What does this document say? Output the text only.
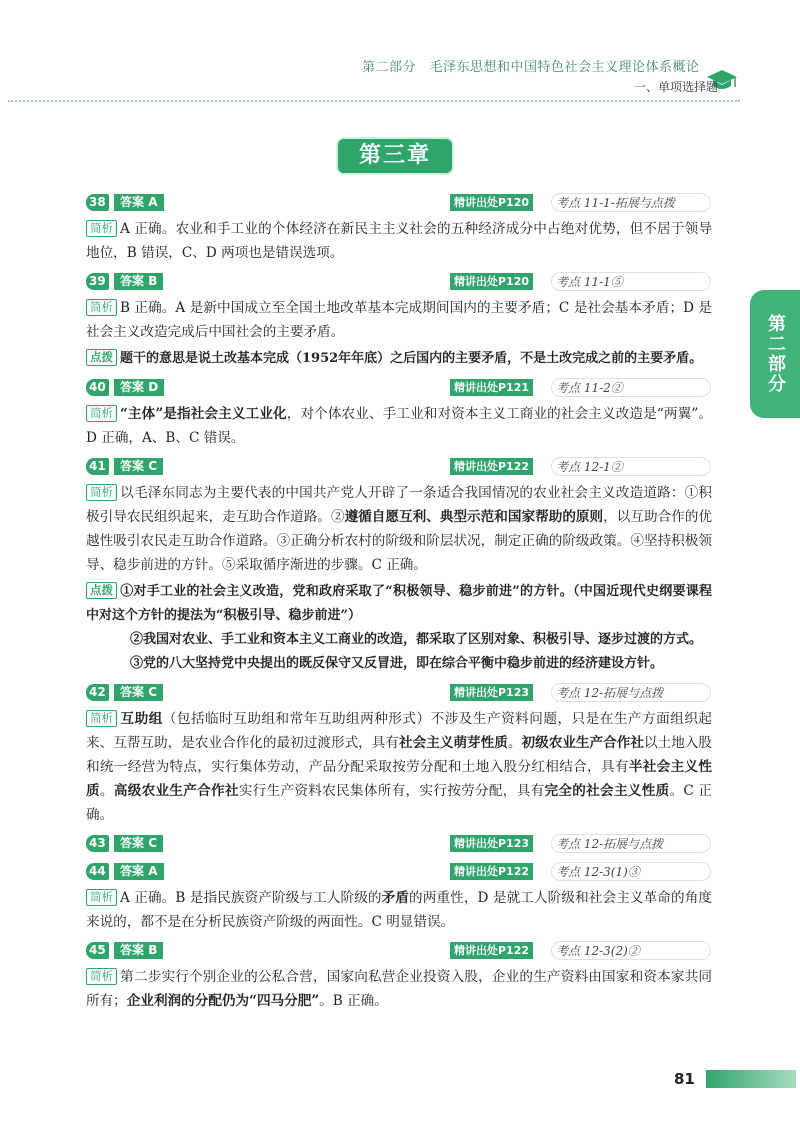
第二部分　毛泽东思想和中国特色社会主义理论体系概论
一、单项选择题
第三章
第二部分
38	答案 A	精讲出处P120	考点 11-1-拓展与点拨
简析 A 正确。农业和手工业的个体经济在新民主主义社会的五种经济成分中占绝对优势，但不居于领导地位，B 错误，C、D 两项也是错误选项。
39	答案 B	精讲出处P120	考点 11-1⑤
简析 B 正确。A 是新中国成立至全国土地改革基本完成期间国内的主要矛盾；C 是社会基本矛盾；D 是社会主义改造完成后中国社会的主要矛盾。
点拨 题干的意思是说土改基本完成（1952年年底）之后国内的主要矛盾，不是土改完成之前的主要矛盾。
40	答案 D	精讲出处P121	考点 11-2②
简析 “主体”是指社会主义工业化，对个体农业、手工业和对资本主义工商业的社会主义改造是“两翼”。D 正确，A、B、C 错误。
41	答案 C	精讲出处P122	考点 12-1②
简析 以毛泽东同志为主要代表的中国共产党人开辟了一条适合我国情况的农业社会主义改造道路：①积极引导农民组织起来，走互助合作道路。②遵循自愿互利、典型示范和国家帮助的原则，以互助合作的优越性吸引农民走互助合作道路。③正确分析农村的阶级和阶层状况，制定正确的阶级政策。④坚持积极领导、稳步前进的方针。⑤采取循序渐进的步骤。C 正确。
点拨 ①对手工业的社会主义改造，党和政府采取了“积极领导、稳步前进”的方针。（中国近现代史纲要课程中对这个方针的提法为“积极引导、稳步前进”）
②我国对农业、手工业和资本主义工商业的改造，都采取了区别对象、积极引导、逐步过渡的方式。
③党的八大坚持党中央提出的既反保守又反冒进，即在综合平衡中稳步前进的经济建设方针。
42	答案 C	精讲出处P123	考点 12-拓展与点拨
简析 互助组（包括临时互助组和常年互助组两种形式）不涉及生产资料问题，只是在生产方面组织起来、互帮互助，是农业合作化的最初过渡形式，具有社会主义萌芽性质。初级农业生产合作社以土地入股和统一经营为特点，实行集体劳动，产品分配采取按劳分配和土地入股分红相结合，具有半社会主义性质。高级农业生产合作社实行生产资料农民集体所有，实行按劳分配，具有完全的社会主义性质。C 正确。
43	答案 C	精讲出处P123	考点 12-拓展与点拨
44	答案 A	精讲出处P122	考点 12-3(1)③
简析 A 正确。B 是指民族资产阶级与工人阶级的矛盾的两重性，D 是就工人阶级和社会主义革命的角度来说的，都不是在分析民族资产阶级的两面性。C 明显错误。
45	答案 B	精讲出处P122	考点 12-3(2)②
简析 第二步实行个别企业的公私合营，国家向私营企业投资入股，企业的生产资料由国家和资本家共同所有；企业利润的分配仍为“四马分肥”。B 正确。
81
